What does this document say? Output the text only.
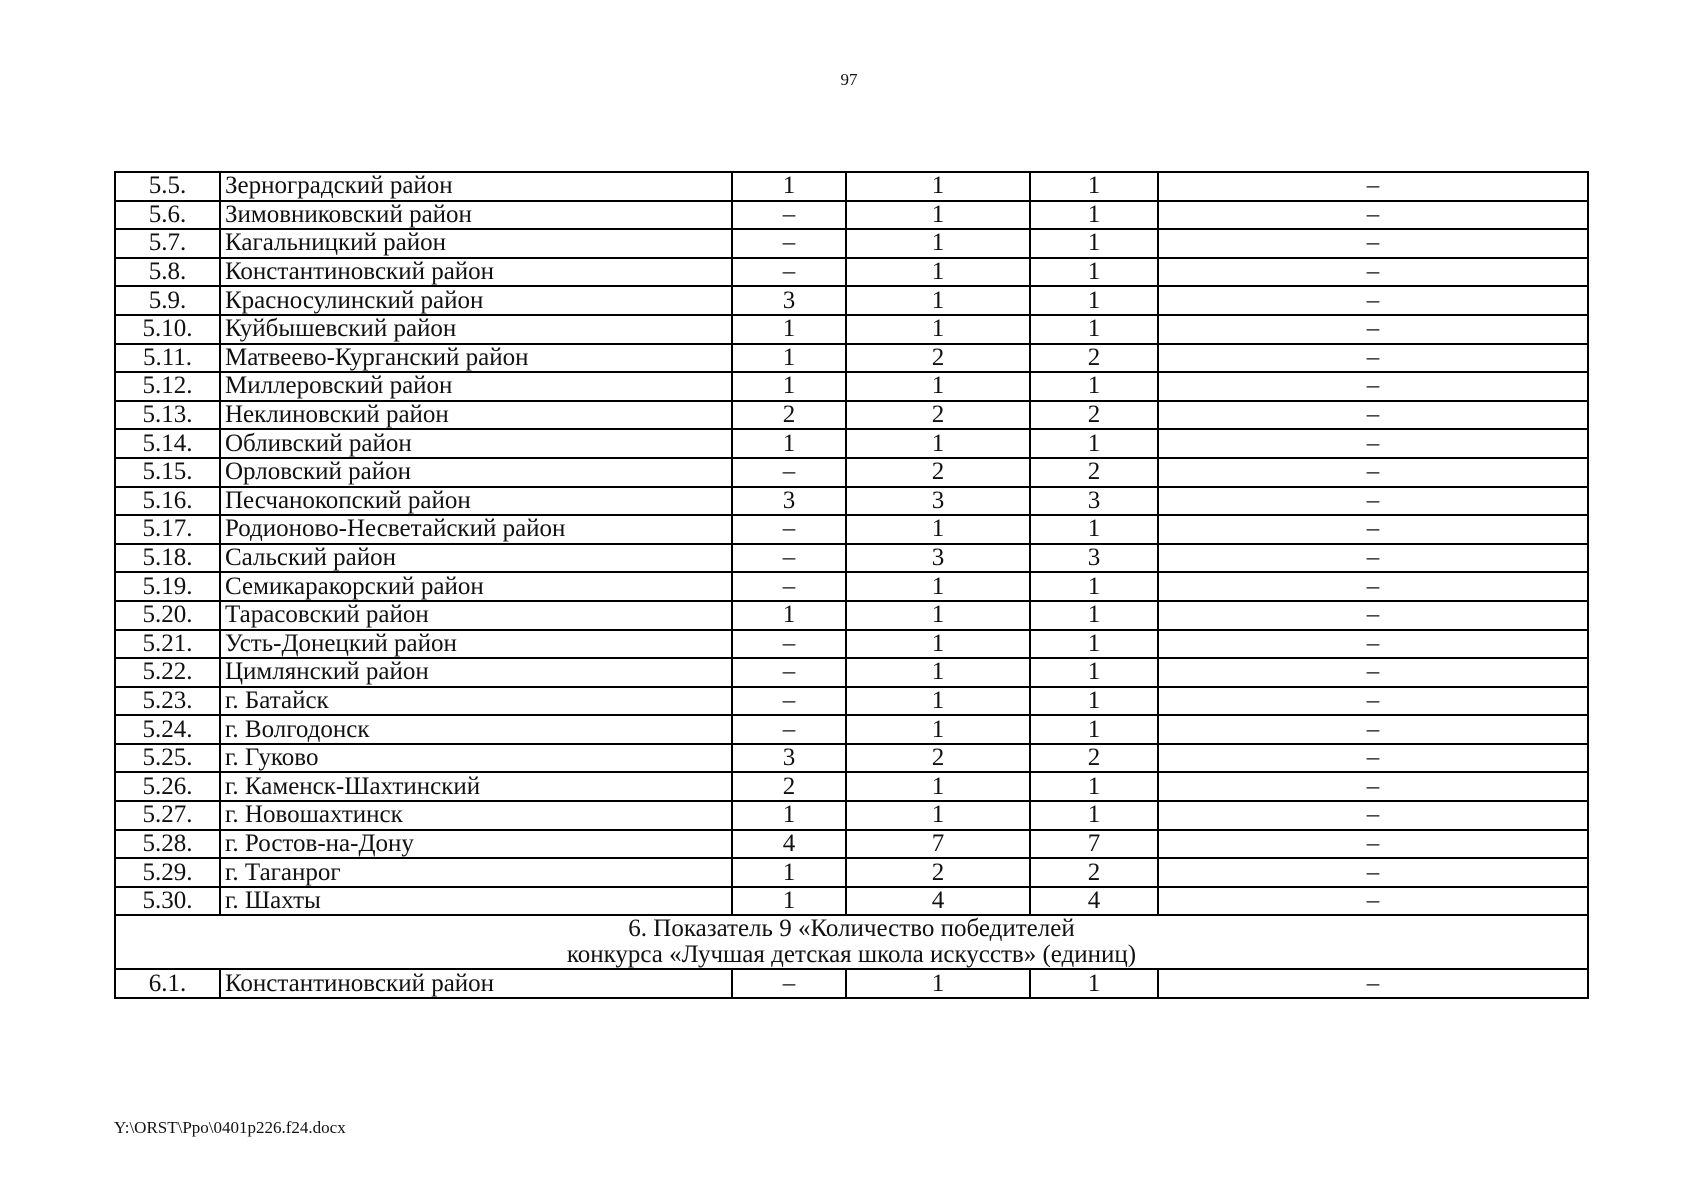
97
5.5.	Зерноградский район	1	1	1	–
5.6.	Зимовниковский район	–	1	1	–
5.7.	Кагальницкий район	–	1	1	–
5.8.	Константиновский район	–	1	1	–
5.9.	Красносулинский район	3	1	1	–
5.10.	Куйбышевский район	1	1	1	–
5.11.	Матвеево-Курганский район	1	2	2	–
5.12.	Миллеровский район	1	1	1	–
5.13.	Неклиновский район	2	2	2	–
5.14.	Обливский район	1	1	1	–
5.15.	Орловский район	–	2	2	–
5.16.	Песчанокопский район	3	3	3	–
5.17.	Родионово-Несветайский район	–	1	1	–
5.18.	Сальский район	–	3	3	–
5.19.	Семикаракорский район	–	1	1	–
5.20.	Тарасовский район	1	1	1	–
5.21.	Усть-Донецкий район	–	1	1	–
5.22.	Цимлянский район	–	1	1	–
5.23.	г. Батайск	–	1	1	–
5.24.	г. Волгодонск	–	1	1	–
5.25.	г. Гуково	3	2	2	–
5.26.	г. Каменск-Шахтинский	2	1	1	–
5.27.	г. Новошахтинск	1	1	1	–
5.28.	г. Ростов-на-Дону	4	7	7	–
5.29.	г. Таганрог	1	2	2	–
5.30.	г. Шахты	1	4	4	–

6. Показатель 9 «Количество победителей
конкурса «Лучшая детская школа искусств» (единиц)					

6.1.	Константиновский район	–	1	1	–
Y:\ORST\Ppo\0401p226.f24.docx
